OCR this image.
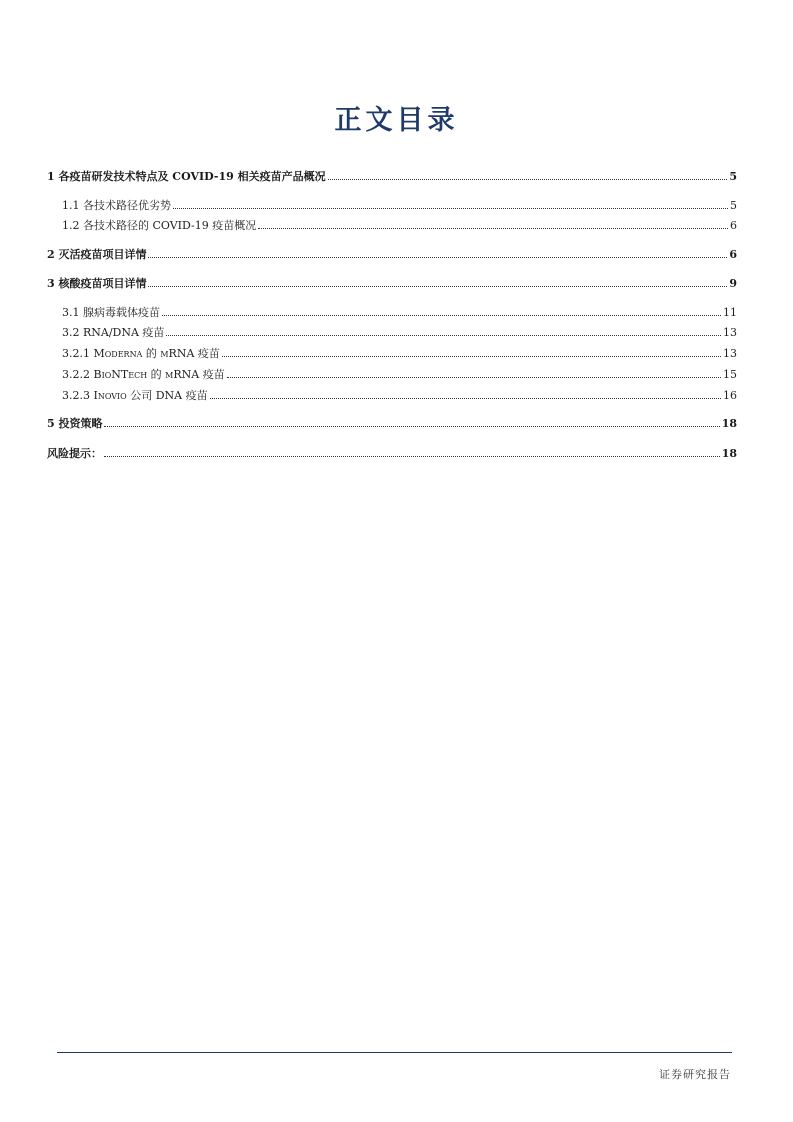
正文目录
1 各疫苗研发技术特点及 COVID-19 相关疫苗产品概况	5
1.1 各技术路径优劣势	5
1.2 各技术路径的 COVID-19 疫苗概况	6
2 灭活疫苗项目详情	6
3 核酸疫苗项目详情	9
3.1 腺病毒载体疫苗	11
3.2 RNA/DNA 疫苗	13
3.2.1 Moderna 的 mRNA 疫苗	13
3.2.2 BioNTech 的 mRNA 疫苗	15
3.2.3 Inovio 公司 DNA 疫苗	16
5 投资策略	18
风险提示：	18
证券研究报告
